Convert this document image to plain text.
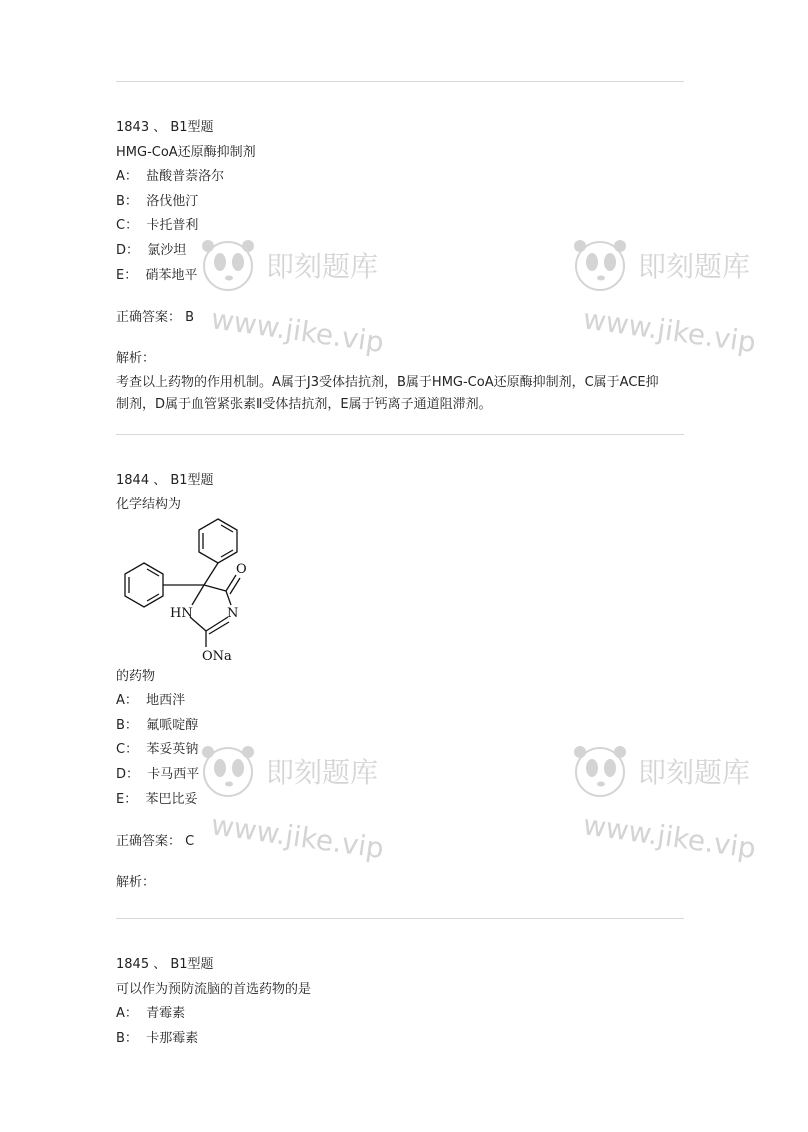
1843 、 B1型题
HMG-CoA还原酶抑制剂
A： 盐酸普萘洛尔
B： 洛伐他汀
C： 卡托普利
D： 氯沙坦
E： 硝苯地平
正确答案： B
解析：
考查以上药物的作用机制。A属于J3受体拮抗剂，B属于HMG-CoA还原酶抑制剂，C属于ACE抑制剂，D属于血管紧张素Ⅱ受体拮抗剂，E属于钙离子通道阻滞剂。
1844 、 B1型题
化学结构为
O
HN	N
ONa
的药物
A： 地西泮
B： 氟哌啶醇
C： 苯妥英钠
D： 卡马西平
E： 苯巴比妥
正确答案： C
解析：
1845 、 B1型题
可以作为预防流脑的首选药物的是
A： 青霉素
B： 卡那霉素
即刻题库
www.jike.vip
即刻题库
www.jike.vip
即刻题库
www.jike.vip
即刻题库
www.jike.vip
